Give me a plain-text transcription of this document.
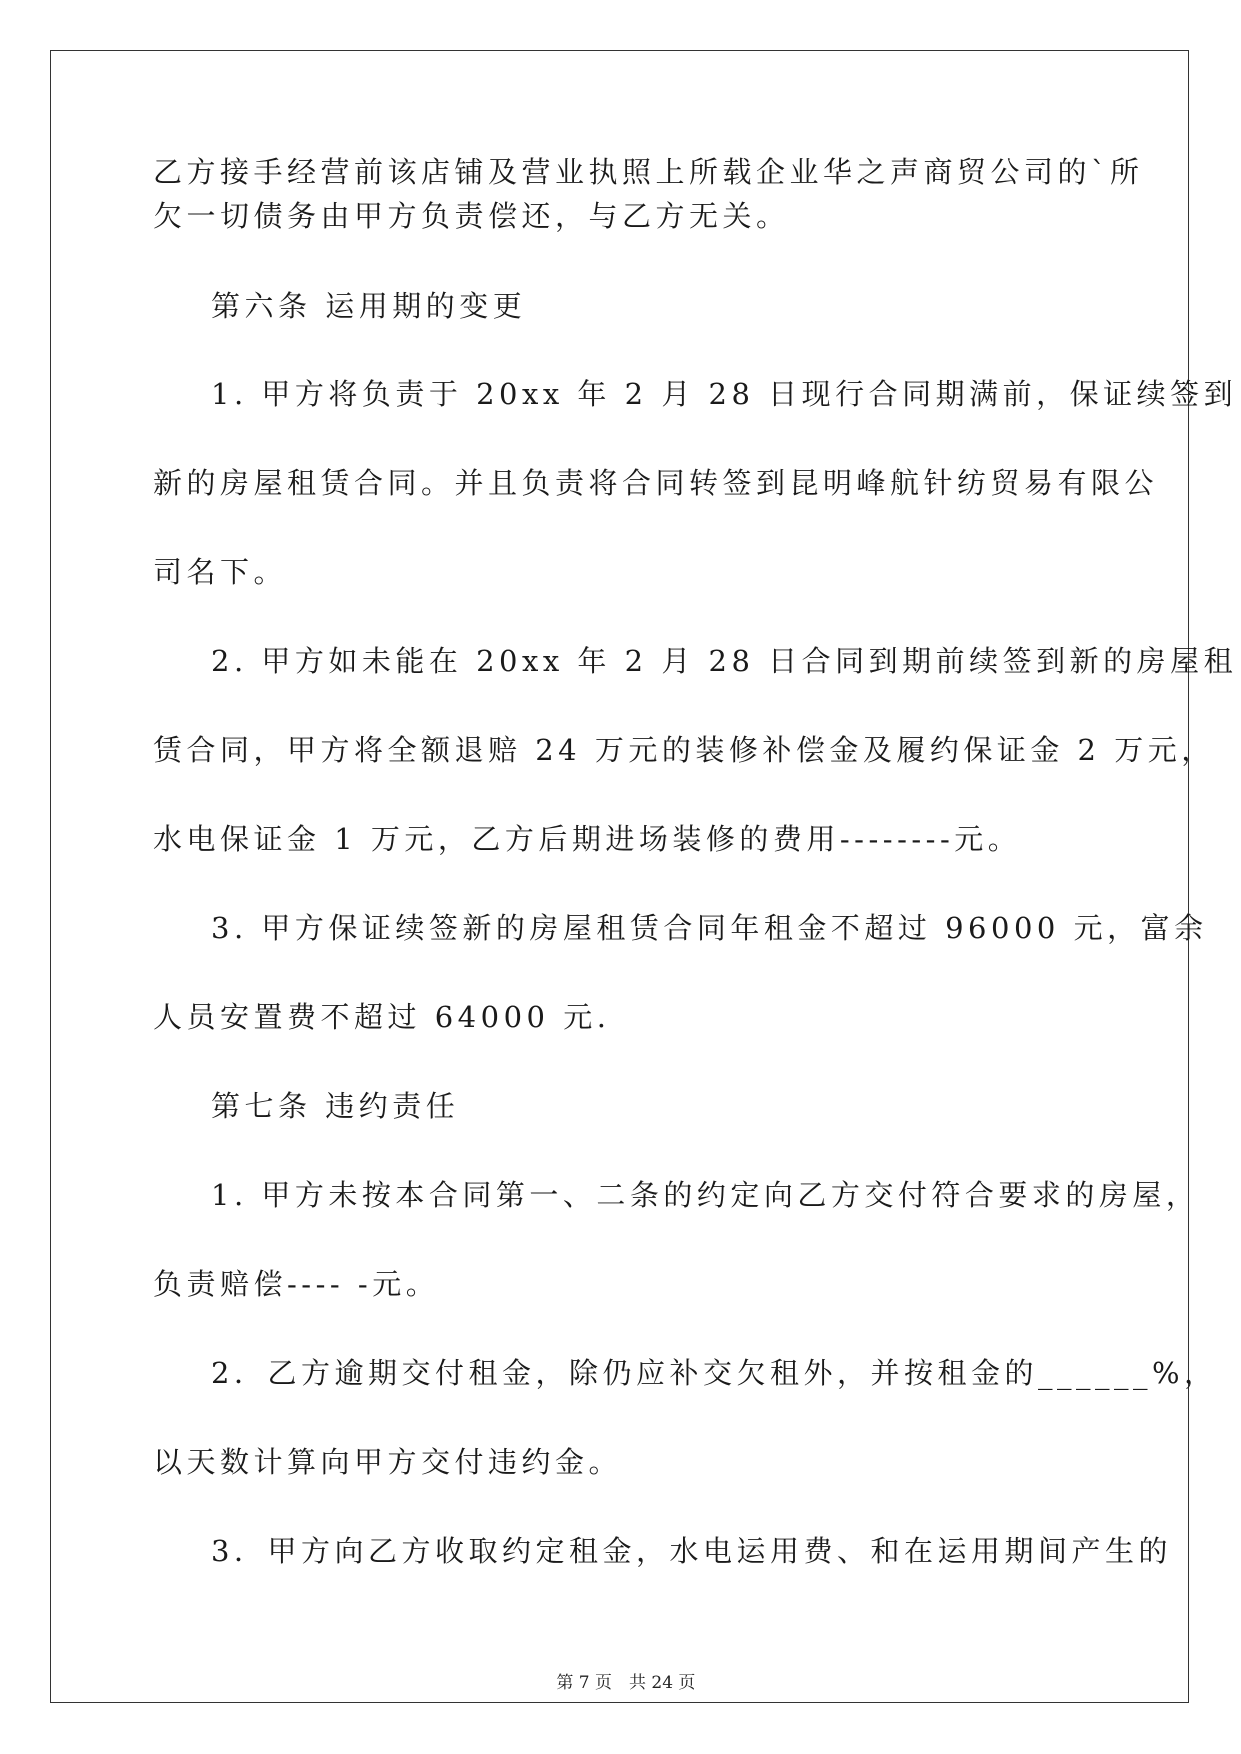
乙方接手经营前该店铺及营业执照上所载企业华之声商贸公司的`所
欠一切债务由甲方负责偿还，与乙方无关。
第六条 运用期的变更
1. 甲方将负责于 20xx 年 2 月 28 日现行合同期满前，保证续签到
新的房屋租赁合同。并且负责将合同转签到昆明峰航针纺贸易有限公
司名下。
2. 甲方如未能在 20xx 年 2 月 28 日合同到期前续签到新的房屋租
赁合同，甲方将全额退赔 24 万元的装修补偿金及履约保证金 2 万元，
水电保证金 1 万元，乙方后期进场装修的费用--------元。
3. 甲方保证续签新的房屋租赁合同年租金不超过 96000 元，富余
人员安置费不超过 64000 元.
第七条 违约责任
1. 甲方未按本合同第一、二条的约定向乙方交付符合要求的房屋，
负责赔偿---- -元。
2．乙方逾期交付租金，除仍应补交欠租外，并按租金的______%，
以天数计算向甲方交付违约金。
3．甲方向乙方收取约定租金，水电运用费、和在运用期间产生的

第 7 页　共 24 页
